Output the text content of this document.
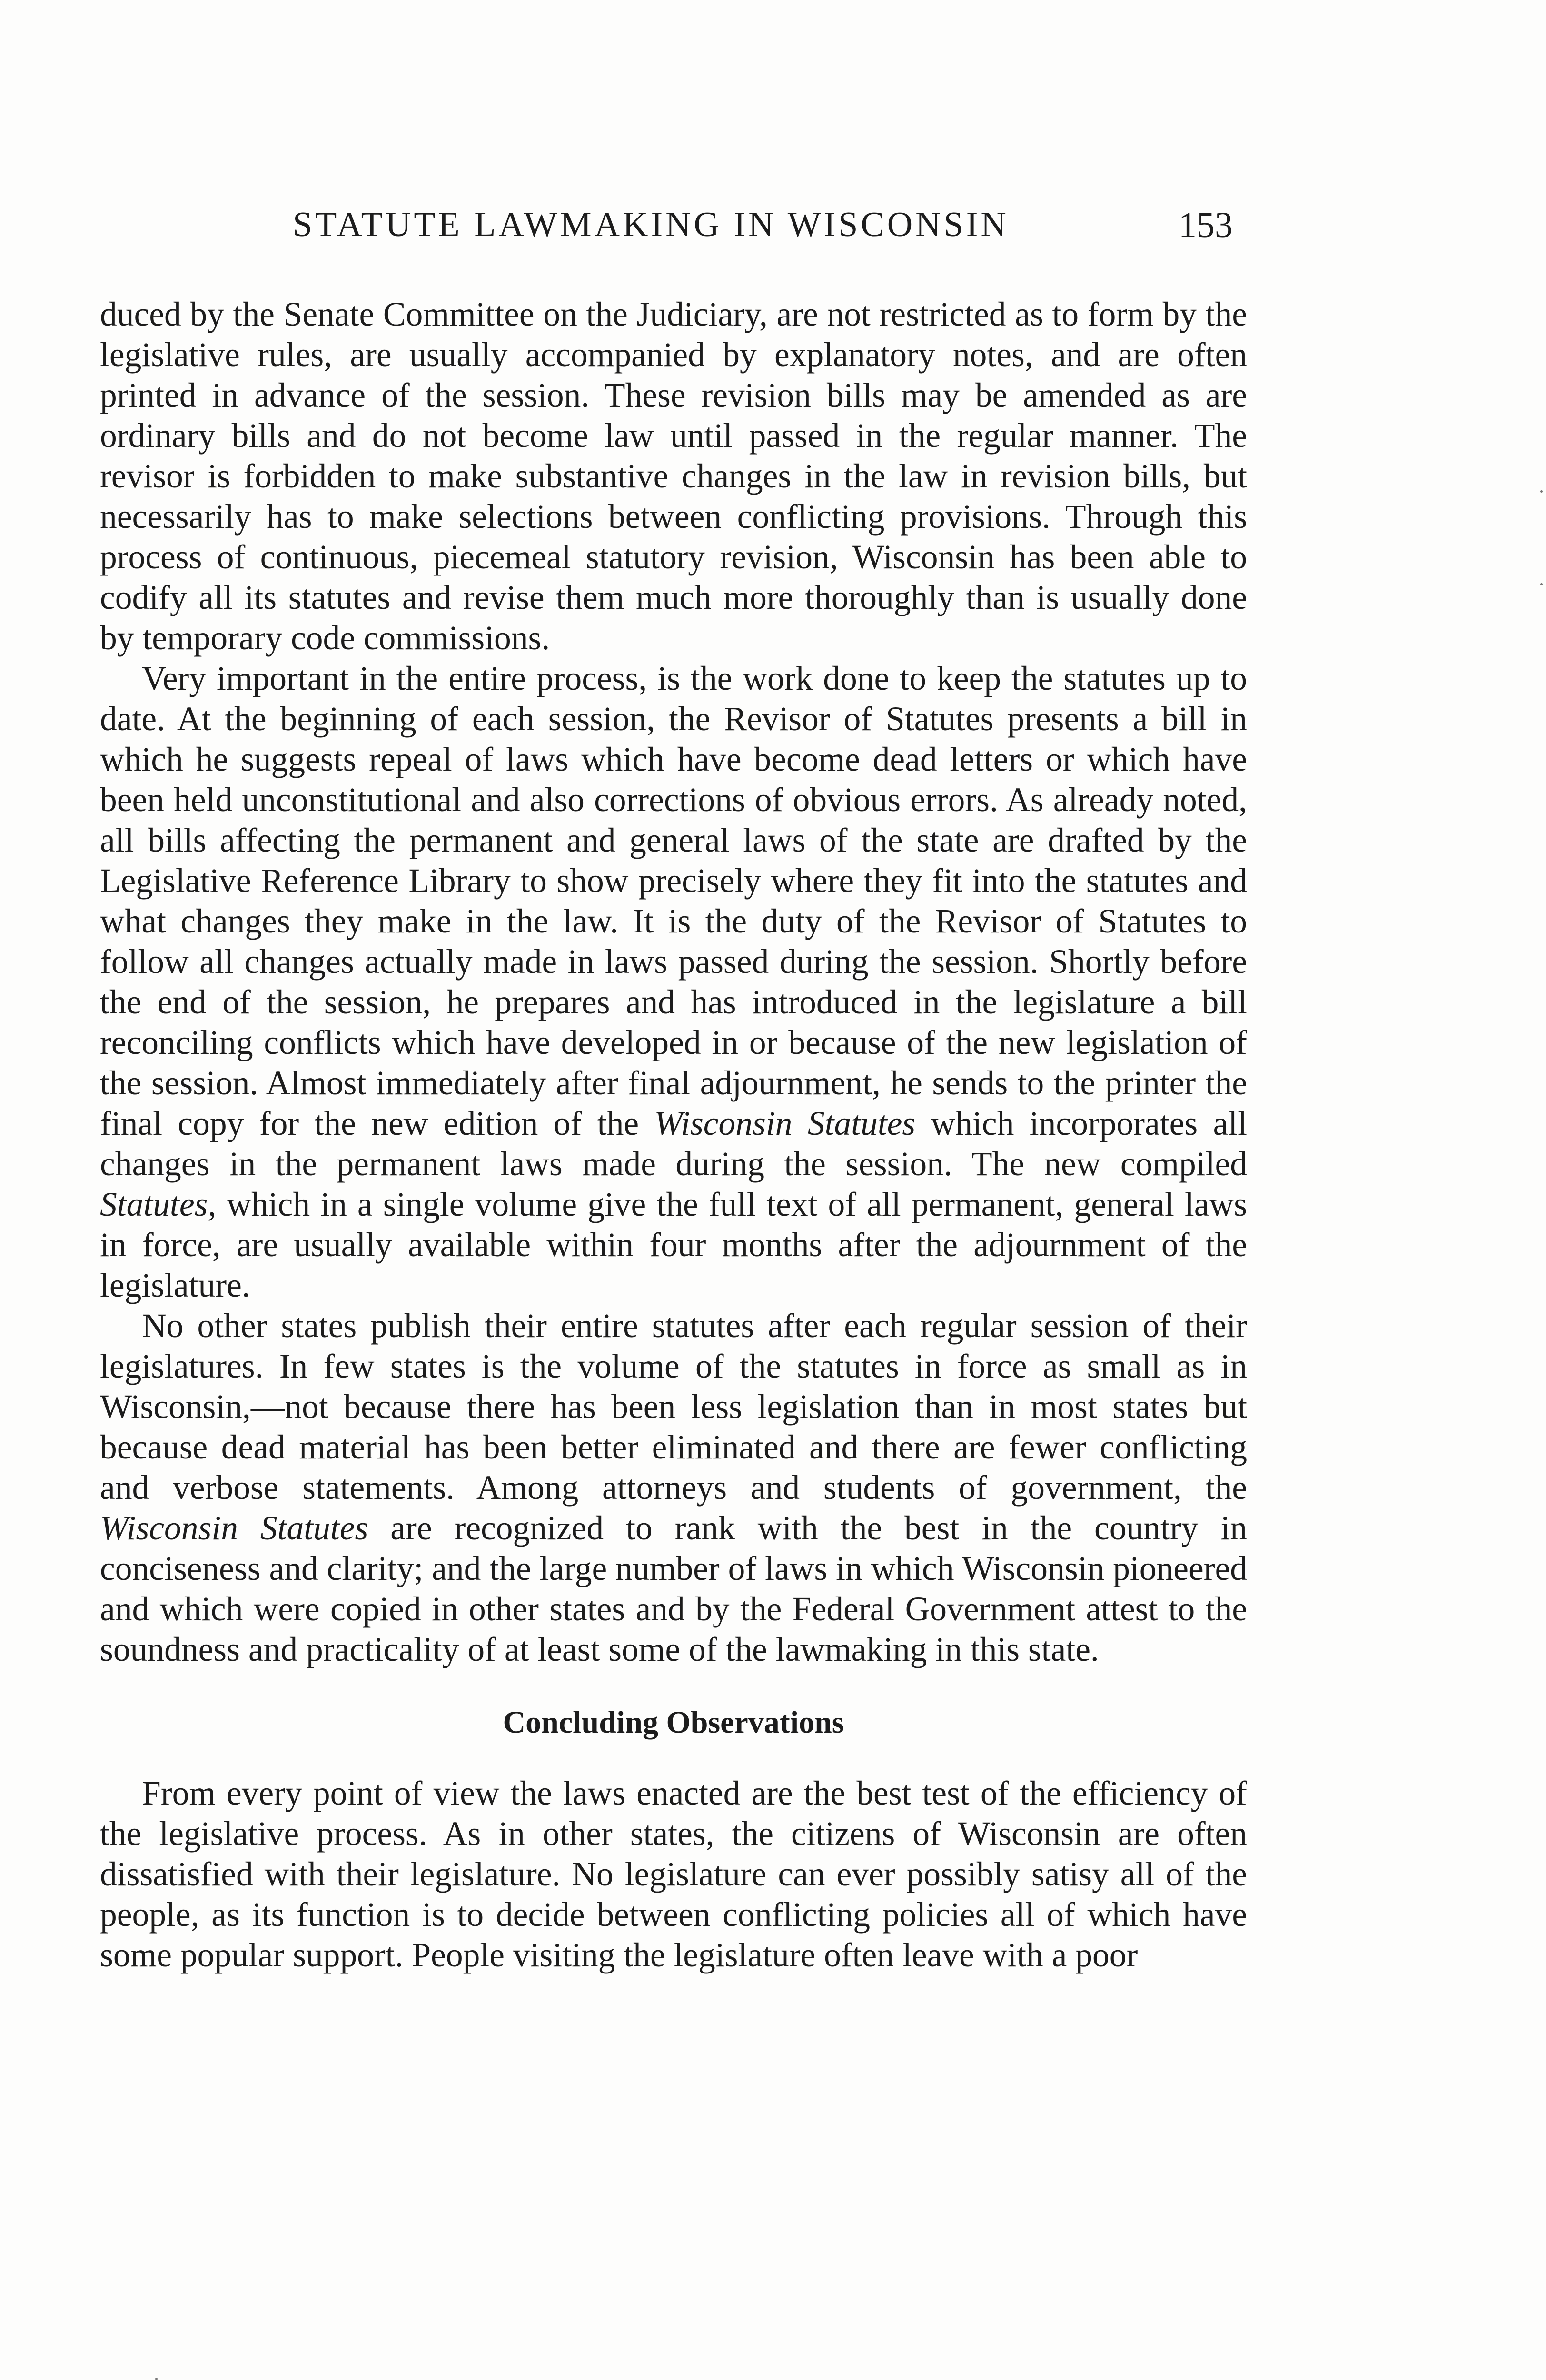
STATUTE LAWMAKING IN WISCONSIN	153

duced by the Senate Committee on the Judiciary, are not restricted as to form by the legislative rules, are usually accompanied by explanatory notes, and are often printed in advance of the session. These revision bills may be amended as are ordinary bills and do not become law until passed in the regular manner. The revisor is forbidden to make substantive changes in the law in revision bills, but necessarily has to make selections between conflicting provisions. Through this process of continuous, piecemeal statutory revision, Wisconsin has been able to codify all its statutes and revise them much more thoroughly than is usually done by temporary code commissions.

Very important in the entire process, is the work done to keep the statutes up to date. At the beginning of each session, the Revisor of Statutes presents a bill in which he suggests repeal of laws which have become dead letters or which have been held unconstitutional and also corrections of obvious errors. As already noted, all bills affecting the permanent and general laws of the state are drafted by the Legislative Reference Library to show precisely where they fit into the statutes and what changes they make in the law. It is the duty of the Revisor of Statutes to follow all changes actually made in laws passed during the session. Shortly before the end of the session, he prepares and has introduced in the legislature a bill reconciling conflicts which have developed in or because of the new legislation of the session. Almost immediately after final adjournment, he sends to the printer the final copy for the new edition of the Wisconsin Statutes which incorporates all changes in the permanent laws made during the session. The new compiled Statutes, which in a single volume give the full text of all permanent, general laws in force, are usually available within four months after the adjournment of the legislature.

No other states publish their entire statutes after each regular session of their legislatures. In few states is the volume of the statutes in force as small as in Wisconsin,—not because there has been less legislation than in most states but because dead material has been better eliminated and there are fewer conflicting and verbose statements. Among attorneys and students of government, the Wisconsin Statutes are recognized to rank with the best in the country in conciseness and clarity; and the large number of laws in which Wisconsin pioneered and which were copied in other states and by the Federal Government attest to the soundness and practicality of at least some of the lawmaking in this state.

Concluding Observations

From every point of view the laws enacted are the best test of the efficiency of the legislative process. As in other states, the citizens of Wisconsin are often dissatisfied with their legislature. No legislature can ever possibly satisy all of the people, as its function is to decide between conflicting policies all of which have some popular support. People visiting the legislature often leave with a poor
